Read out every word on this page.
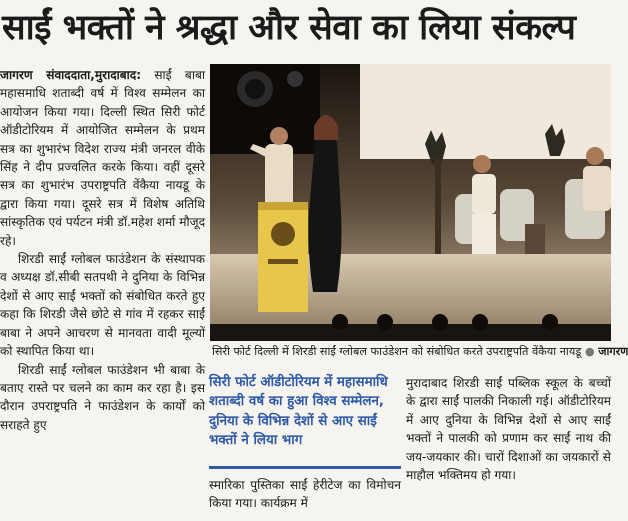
साईं भक्तों ने श्रद्धा और सेवा का लिया संकल्प

जागरण संवाददाता,मुरादाबाद: साईं बाबा महासमाधि शताब्दी वर्ष में विश्व सम्मेलन का आयोजन किया गया। दिल्ली स्थित सिरी फोर्ट ऑडीटोरियम में आयोजित सम्मेलन के प्रथम सत्र का शुभारंभ विदेश राज्य मंत्री जनरल वीके सिंह ने दीप प्रज्वलित करके किया। वहीं दूसरे सत्र का शुभारंभ उपराष्ट्रपति वेंकैया नायडू के द्वारा किया गया। दूसरे सत्र में विशेष अतिथि सांस्कृतिक एवं पर्यटन मंत्री डॉ.महेश शर्मा मौजूद रहे।

शिरडी साईं ग्लोबल फाउंडेशन के संस्थापक व अध्यक्ष डॉ.सीबी सतपथी ने दुनिया के विभिन्न देशों से आए साईं भक्तों को संबोधित करते हुए कहा कि शिरडी जैसे छोटे से गांव में रहकर साईं बाबा ने अपने आचरण से मानवता वादी मूल्यों को स्थापित किया था।

शिरडी साईं ग्लोबल फाउंडेशन भी बाबा के बताए रास्ते पर चलने का काम कर रहा है। इस दौरान उपराष्ट्रपति ने फाउंडेशन के कार्यों को सराहते हुए

सिरी फोर्ट दिल्ली में शिरडी साईं ग्लोबल फाउंडेशन को संबोधित करते उपराष्ट्रपति वेंकैया नायडू ● जागरण
सिरी फोर्ट ऑडीटोरियम में महासमाधि शताब्दी वर्ष का हुआ विश्व सम्मेलन, दुनिया के विभिन्न देशों से आए साईं भक्तों ने लिया भाग

स्मारिका पुस्तिका साईं हेरीटेज का विमोचन किया गया। कार्यक्रम में

मुरादाबाद शिरडी साईं पब्लिक स्कूल के बच्चों के द्वारा साईं पालकी निकाली गई। ऑडीटोरियम में आए दुनिया के विभिन्न देशों से आए साईं भक्तों ने पालकी को प्रणाम कर साईं नाथ की जय-जयकार की। चारों दिशाओं का जयकारों से माहौल भक्तिमय हो गया।
